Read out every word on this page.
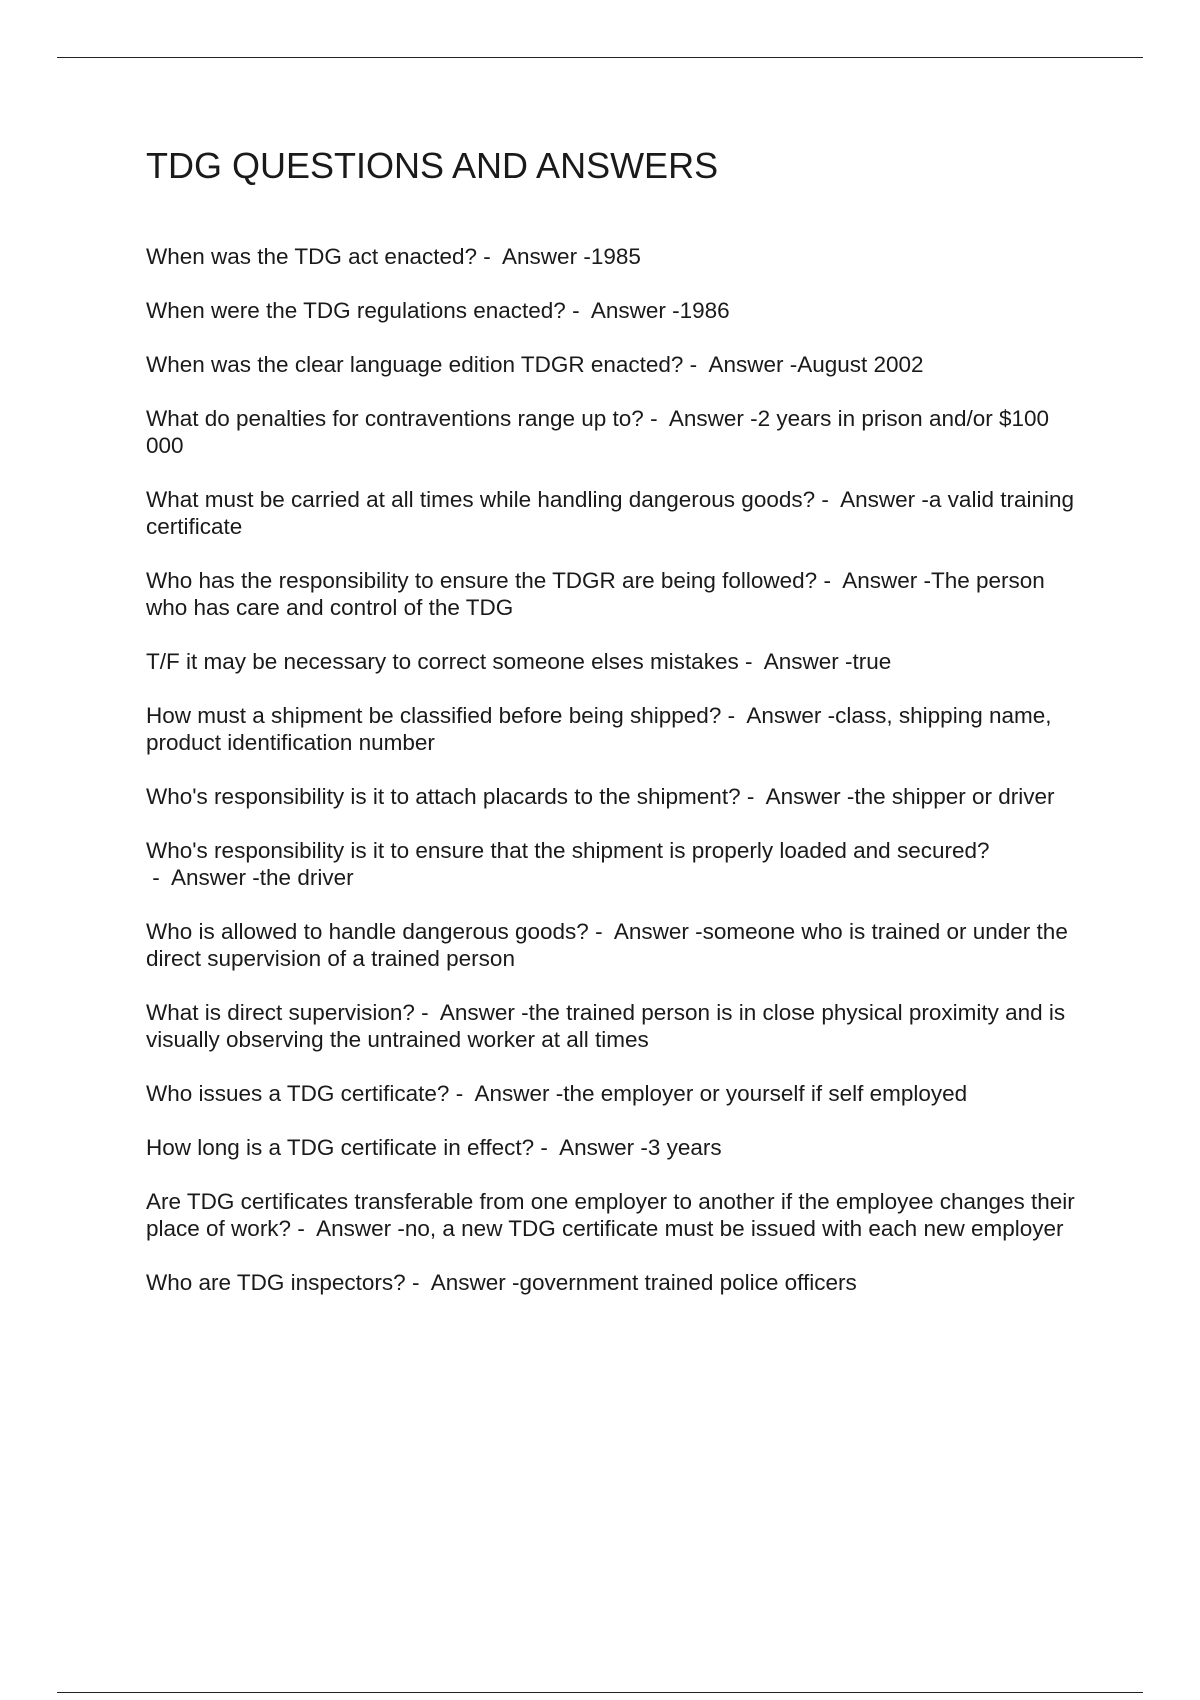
TDG QUESTIONS AND ANSWERS
When was the TDG act enacted? - Answer - 1985
When were the TDG regulations enacted? - Answer - 1986
When was the clear language edition TDGR enacted? - Answer - August 2002
What do penalties for contraventions range up to? - Answer - 2 years in prison and/or $100 000
What must be carried at all times while handling dangerous goods? - Answer - a valid training certificate
Who has the responsibility to ensure the TDGR are being followed? - Answer - The person who has care and control of the TDG
T/F it may be necessary to correct someone elses mistakes - Answer - true
How must a shipment be classified before being shipped? - Answer - class, shipping name, product identification number
Who's responsibility is it to attach placards to the shipment? - Answer - the shipper or driver
Who's responsibility is it to ensure that the shipment is properly loaded and secured? - Answer - the driver
Who is allowed to handle dangerous goods? - Answer - someone who is trained or under the direct supervision of a trained person
What is direct supervision? - Answer - the trained person is in close physical proximity and is visually observing the untrained worker at all times
Who issues a TDG certificate? - Answer - the employer or yourself if self employed
How long is a TDG certificate in effect? - Answer - 3 years
Are TDG certificates transferable from one employer to another if the employee changes their place of work? - Answer - no, a new TDG certificate must be issued with each new employer
Who are TDG inspectors? - Answer - government trained police officers
